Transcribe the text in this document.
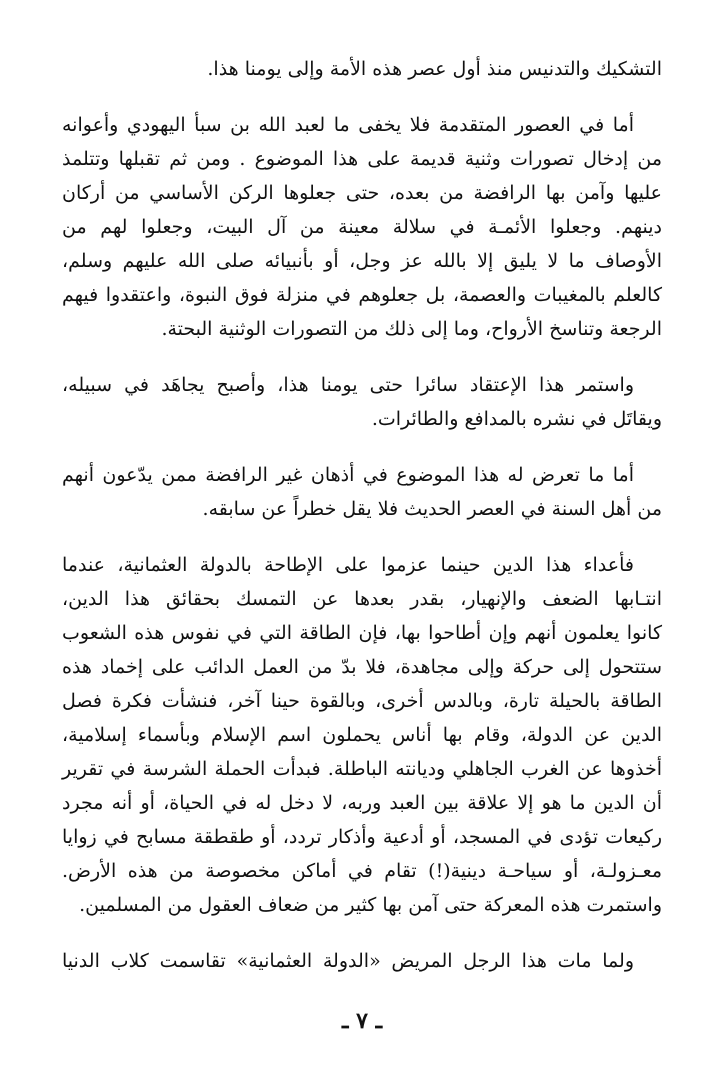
التشكيك والتدنيس منذ أول عصر هذه الأمة وإلى يومنا هذا.
أما في العصور المتقدمة فلا يخفى ما لعبد الله بن سبأ اليهودي وأعوانه
من إدخال تصورات وثنية قديمة على هذا الموضوع . ومن ثم تقبلها وتتلمذ
عليها وآمن بها الرافضة من بعده، حتى جعلوها الركن الأساسي من أركان
دينهم. وجعلوا الأئمـة في سلالة معينة من آل البيت، وجعلوا لهم من
الأوصاف ما لا يليق إلا بالله عز وجل، أو بأنبيائه صلى الله عليهم وسلم،
كالعلم بالمغيبات والعصمة، بل جعلوهم في منزلة فوق النبوة، واعتقدوا فيهم
الرجعة وتناسخ الأرواح، وما إلى ذلك من التصورات الوثنية البحتة.
واستمر هذا الإعتقاد سائرا حتى يومنا هذا، وأصبح يجاهَد في سبيله،
ويقاتَل في نشره بالمدافع والطائرات.
أما ما تعرض له هذا الموضوع في أذهان غير الرافضة ممن يدّعون أنهم
من أهل السنة في العصر الحديث فلا يقل خطراً عن سابقه.
فأعداء هذا الدين حينما عزموا على الإطاحة بالدولة العثمانية، عندما
انتـابها الضعف والإنهيار، بقدر بعدها عن التمسك بحقائق هذا الدين،
كانوا يعلمون أنهم وإن أطاحوا بها، فإن الطاقة التي في نفوس هذه الشعوب
ستتحول إلى حركة وإلى مجاهدة، فلا بدّ من العمل الدائب على إخماد هذه
الطاقة بالحيلة تارة، وبالدس أخرى، وبالقوة حينا آخر، فنشأت فكرة فصل
الدين عن الدولة، وقام بها أناس يحملون اسم الإسلام وبأسماء إسلامية،
أخذوها عن الغرب الجاهلي وديانته الباطلة. فبدأت الحملة الشرسة في تقرير
أن الدين ما هو إلا علاقة بين العبد وربه، لا دخل له في الحياة، أو أنه مجرد
ركيعات تؤدى في المسجد، أو أدعية وأذكار تردد، أو طقطقة مسابح في زوايا
معـزولـة، أو سياحـة دينية(!) تقام في أماكن مخصوصة من هذه الأرض.
واستمرت هذه المعركة حتى آمن بها كثير من ضعاف العقول من المسلمين.
ولما مات هذا الرجل المريض «الدولة العثمانية» تقاسمت كلاب الدنيا
ـ ٧ ـ
